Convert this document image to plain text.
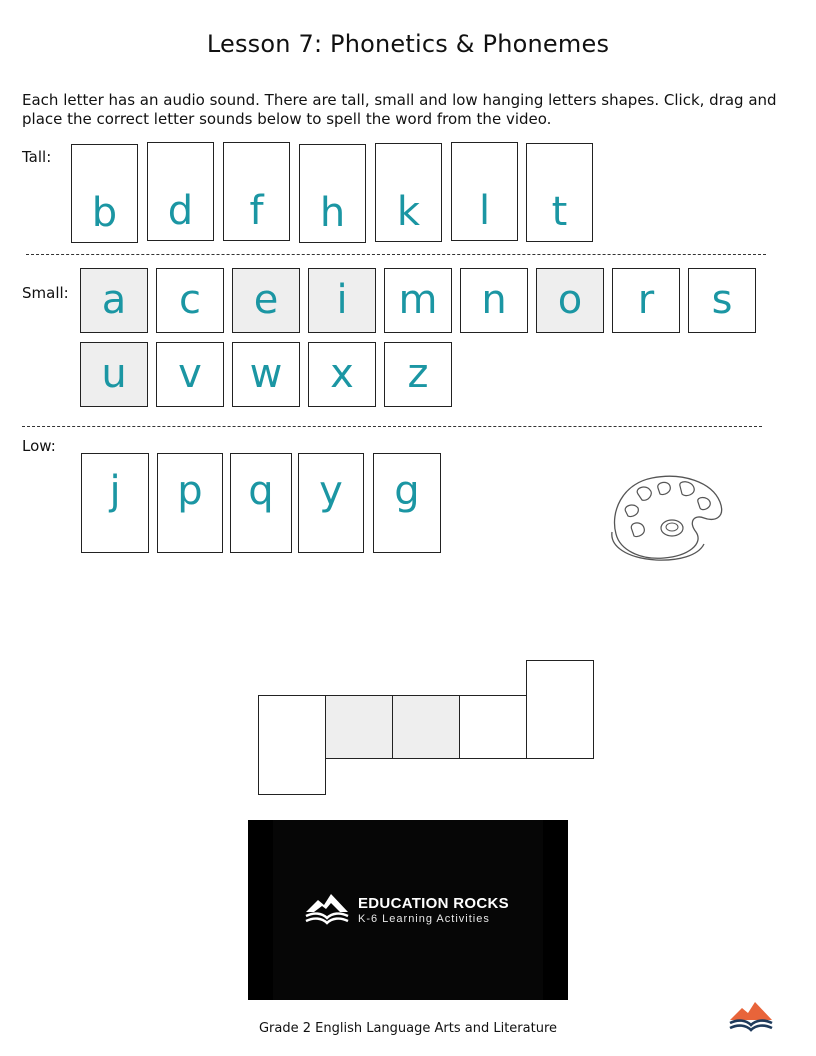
Lesson 7: Phonetics & Phonemes
Each letter has an audio sound. There are tall, small and low hanging letters shapes. Click, drag and place the correct letter sounds below to spell the word from the video.
Tall:
b	d	f	h	k	l	t
Small: a	c	e	i	m	n	o	r	s
u	v	w	x	z
Low:
j	p	q	y	g
EDUCATION ROCKS
K-6 Learning Activities
Grade 2 English Language Arts and Literature
